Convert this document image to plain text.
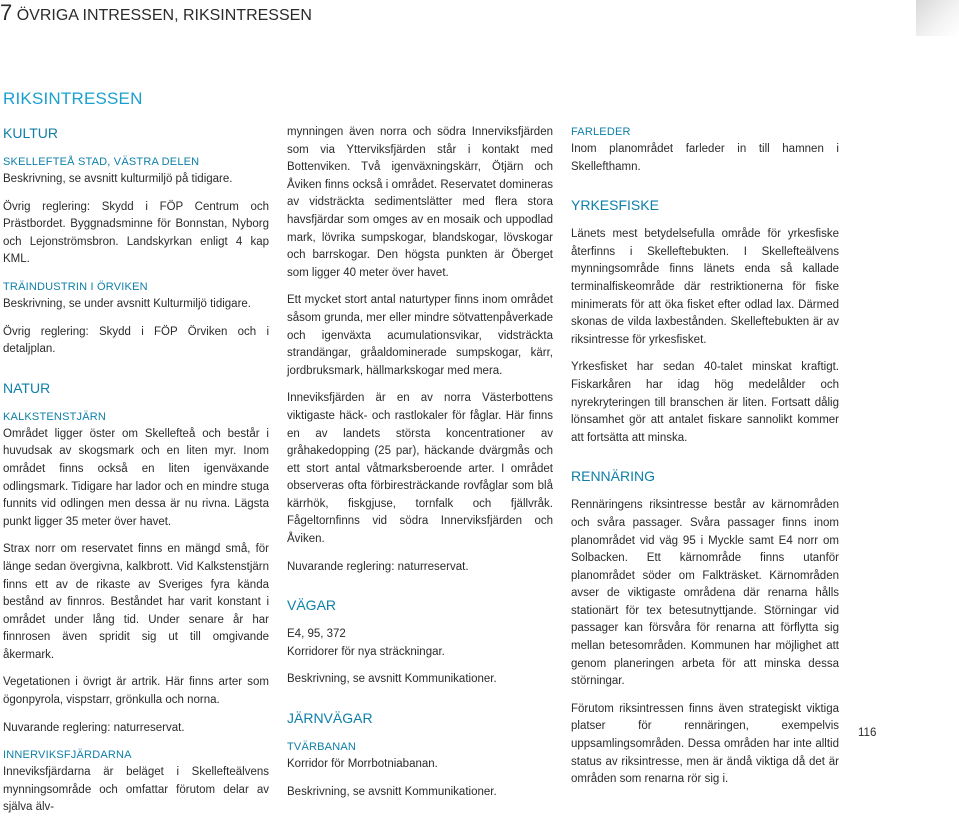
7 ÖVRIGA INTRESSEN, RIKSINTRESSEN
RIKSINTRESSEN
KULTUR
SKELLEFTEÅ STAD, VÄSTRA DELEN

Beskrivning, se avsnitt kulturmiljö på tidigare.

Övrig reglering: Skydd i FÖP Centrum och Prästbordet. Byggnadsminne för Bonnstan, Nyborg och Lejonströmsbron. Landskyrkan enligt 4 kap KML.

TRÄINDUSTRIN I ÖRVIKEN

Beskrivning, se under avsnitt Kulturmiljö tidigare.

Övrig reglering: Skydd i FÖP Örviken och i detaljplan.

NATUR
KALKSTENSTJÄRN

Området ligger öster om Skellefteå och består i huvudsak av skogsmark och en liten myr. Inom området finns också en liten igenväxande odlingsmark. Tidigare har lador och en mindre stuga funnits vid odlingen men dessa är nu rivna. Lägsta punkt ligger 35 meter över havet.

Strax norr om reservatet finns en mängd små, för länge sedan övergivna, kalkbrott. Vid Kalkstenstjärn finns ett av de rikaste av Sveriges fyra kända bestånd av finnros. Beståndet har varit konstant i området under lång tid. Under senare år har finnrosen även spridit sig ut till omgivande åkermark.

Vegetationen i övrigt är artrik. Här finns arter som ögonpyrola, vispstarr, grönkulla och norna.

Nuvarande reglering: naturreservat.

INNERVIKSFJÄRDARNA

Inneviksfjärdarna är beläget i Skellefteälvens mynningsområde och omfattar förutom delar av själva älv-

mynningen även norra och södra Innerviksfjärden som via Ytterviksfjärden står i kontakt med Bottenviken. Två igenväxningskärr, Ötjärn och Åviken finns också i området. Reservatet domineras av vidsträckta sedimentslätter med flera stora havsfjärdar som omges av en mosaik och uppodlad mark, lövrika sumpskogar, blandskogar, lövskogar och barrskogar. Den högsta punkten är Öberget som ligger 40 meter över havet.

Ett mycket stort antal naturtyper finns inom området såsom grunda, mer eller mindre sötvattenpåverkade och igenväxta acumulationsvikar, vidsträckta strandängar, gråaldominerade sumpskogar, kärr, jordbruksmark, hällmarkskogar med mera.

Inneviksfjärden är en av norra Västerbottens viktigaste häck- och rastlokaler för fåglar. Här finns en av landets största koncentrationer av gråhakedopping (25 par), häckande dvärgmås och ett stort antal våtmarksberoende arter. I området observeras ofta förbiresträckande rovfåglar som blå kärrhök, fiskgjuse, tornfalk och fjällvråk. Fågeltornfinns vid södra Innerviksfjärden och Åviken.

Nuvarande reglering: naturreservat.

VÄGAR

E4, 95, 372

Korridorer för nya sträckningar.

Beskrivning, se avsnitt Kommunikationer.

JÄRNVÄGAR
TVÄRBANAN

Korridor för Morrbotniabanan.

Beskrivning, se avsnitt Kommunikationer.

FARLEDER

Inom planområdet farleder in till hamnen i Skellefthamn.

YRKESFISKE

Länets mest betydelsefulla område för yrkesfiske återfinns i Skelleftebukten. I Skellefteälvens mynningsområde finns länets enda så kallade terminalfiskeområde där restriktionerna för fiske minimerats för att öka fisket efter odlad lax. Därmed skonas de vilda laxbestånden. Skelleftebukten är av riksintresse för yrkesfisket.

Yrkesfisket har sedan 40-talet minskat kraftigt. Fiskarkåren har idag hög medelålder och nyrekryteringen till branschen är liten. Fortsatt dålig lönsamhet gör att antalet fiskare sannolikt kommer att fortsätta att minska.

RENNÄRING

Rennäringens riksintresse består av kärnområden och svåra passager. Svåra passager finns inom planområdet vid väg 95 i Myckle samt E4 norr om Solbacken. Ett kärnområde finns utanför planområdet söder om Falkträsket. Kärnområden avser de viktigaste områdena där renarna hålls stationärt för tex betesutnyttjande. Störningar vid passager kan försvåra för renarna att förflytta sig mellan betesområden. Kommunen har möjlighet att genom planeringen arbeta för att minska dessa störningar.

Förutom riksintressen finns även strategiskt viktiga platser för rennäringen, exempelvis uppsamlingsområden. Dessa områden har inte alltid status av riksintresse, men är ändå viktiga då det är områden som renarna rör sig i.

116
